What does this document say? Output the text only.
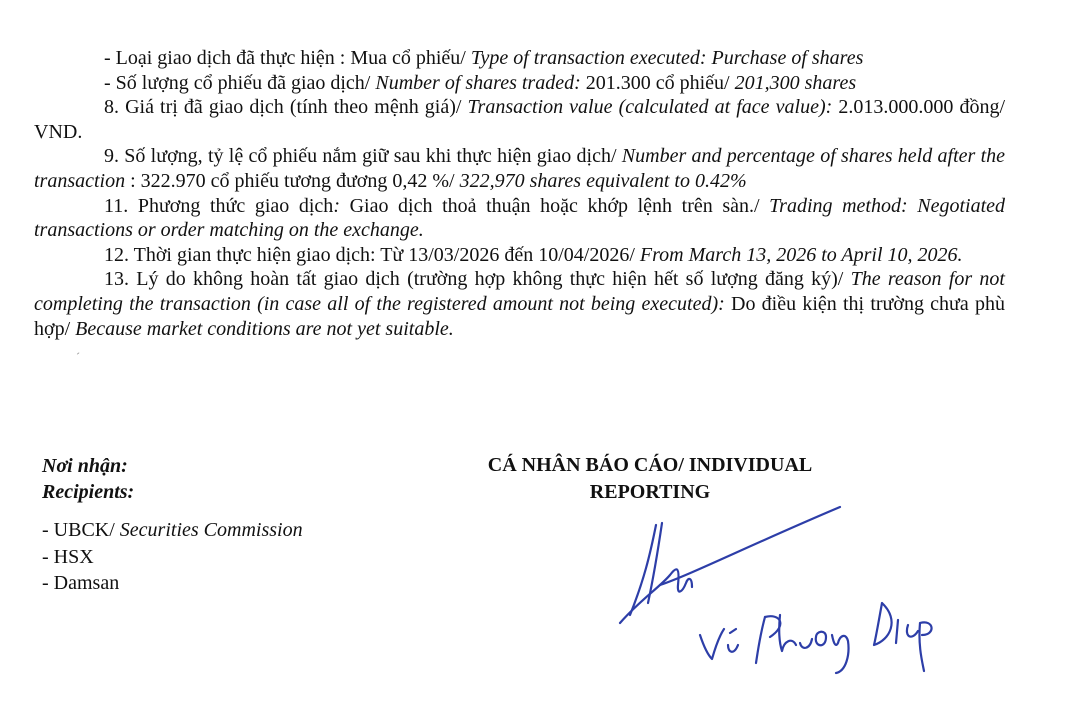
- Loại giao dịch đã thực hiện : Mua cổ phiếu/ Type of transaction executed: Purchase of shares

- Số lượng cổ phiếu đã giao dịch/ Number of shares traded: 201.300 cổ phiếu/ 201,300 shares

8. Giá trị đã giao dịch (tính theo mệnh giá)/ Transaction value (calculated at face value): 2.013.000.000 đồng/ VND.

9. Số lượng, tỷ lệ cổ phiếu nắm giữ sau khi thực hiện giao dịch/ Number and percentage of shares held after the transaction : 322.970 cổ phiếu tương đương 0,42 %/ 322,970 shares equivalent to 0.42%

11. Phương thức giao dịch: Giao dịch thoả thuận hoặc khớp lệnh trên sàn./ Trading method: Negotiated transactions or order matching on the exchange.

12. Thời gian thực hiện giao dịch: Từ 13/03/2026 đến 10/04/2026/ From March 13, 2026 to April 10, 2026.

13. Lý do không hoàn tất giao dịch (trường hợp không thực hiện hết số lượng đăng ký)/ The reason for not completing the transaction (in case all of the registered amount not being executed): Do điều kiện thị trường chưa phù hợp/ Because market conditions are not yet suitable.

Nơi nhận:
Recipients:
- UBCK/ Securities Commission
- HSX
- Damsan
CÁ NHÂN BÁO CÁO/ INDIVIDUAL
REPORTING
ˊ
